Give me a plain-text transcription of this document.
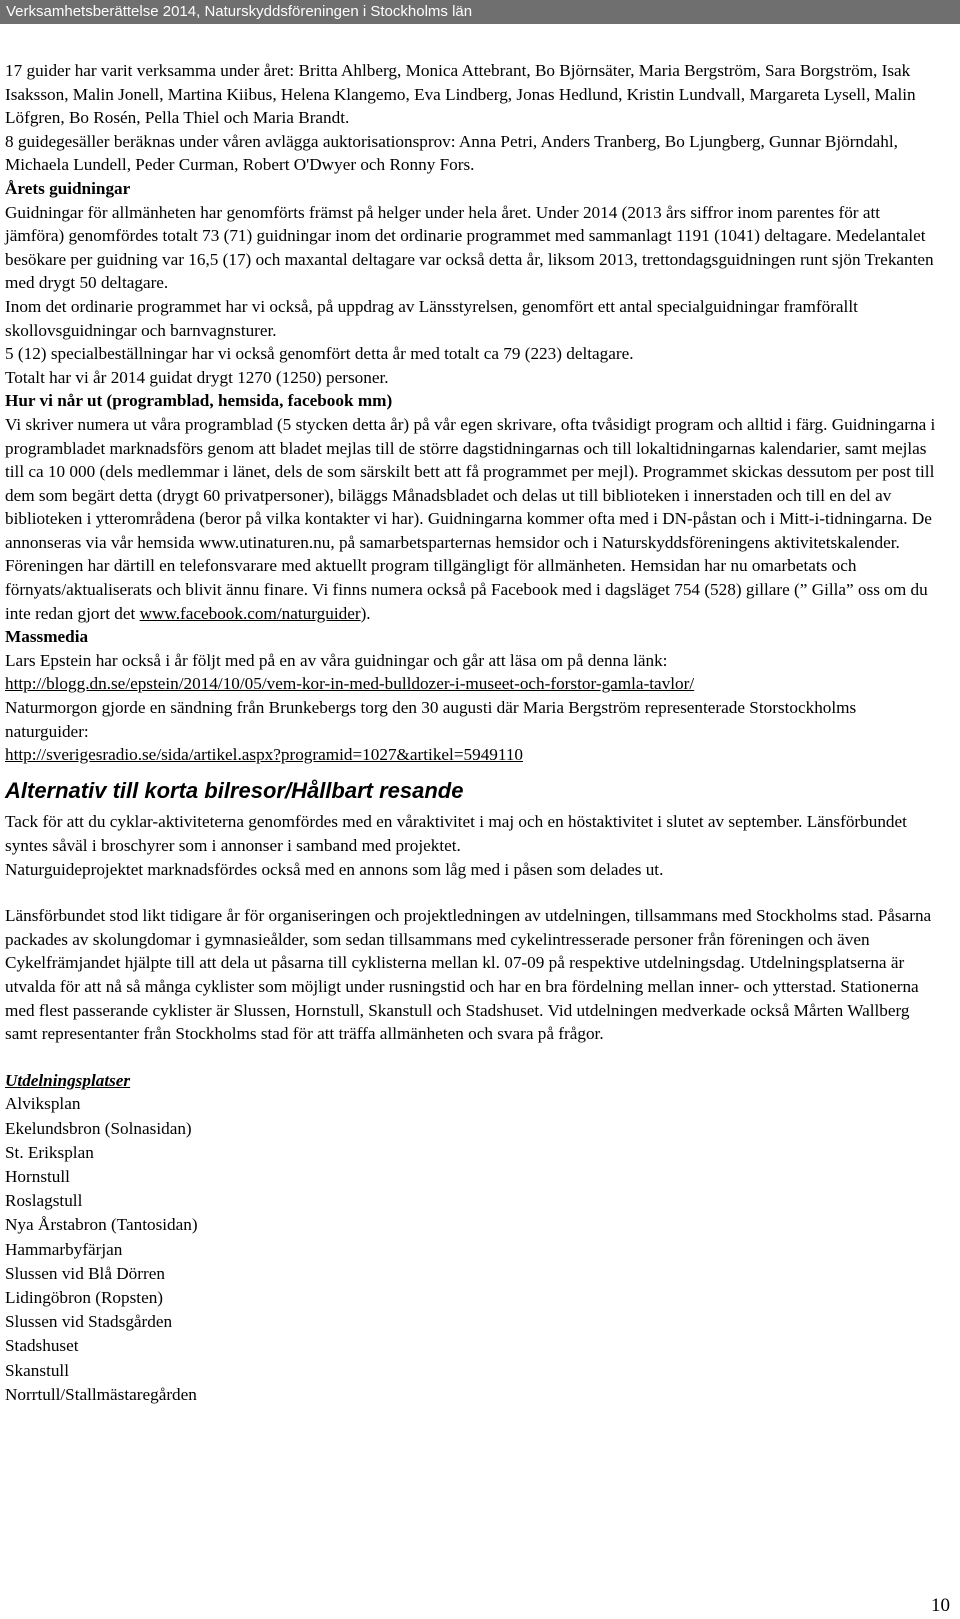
Verksamhetsberättelse 2014, Naturskyddsföreningen i Stockholms län

17 guider har varit verksamma under året: Britta Ahlberg, Monica Attebrant, Bo Björnsäter, Maria Bergström, Sara Borgström, Isak Isaksson, Malin Jonell, Martina Kiibus, Helena Klangemo, Eva Lindberg, Jonas Hedlund, Kristin Lundvall, Margareta Lysell, Malin Löfgren, Bo Rosén, Pella Thiel och Maria Brandt.

8 guidegesäller beräknas under våren avlägga auktorisationsprov: Anna Petri, Anders Tranberg, Bo Ljungberg, Gunnar Björndahl, Michaela Lundell, Peder Curman, Robert O'Dwyer och Ronny Fors.

Årets guidningar

Guidningar för allmänheten har genomförts främst på helger under hela året. Under 2014 (2013 års siffror inom parentes för att jämföra) genomfördes totalt 73 (71) guidningar inom det ordinarie programmet med sammanlagt 1191 (1041) deltagare. Medelantalet besökare per guidning var 16,5 (17) och maxantal deltagare var också detta år, liksom 2013, trettondagsguidningen runt sjön Trekanten med drygt 50 deltagare.

Inom det ordinarie programmet har vi också, på uppdrag av Länsstyrelsen, genomfört ett antal specialguidningar framförallt skollovsguidningar och barnvagnsturer.

5 (12) specialbeställningar har vi också genomfört detta år med totalt ca 79 (223) deltagare.

Totalt har vi år 2014 guidat drygt 1270 (1250) personer.

Hur vi når ut (programblad, hemsida, facebook mm)

Vi skriver numera ut våra programblad (5 stycken detta år) på vår egen skrivare, ofta tvåsidigt program och alltid i färg. Guidningarna i programbladet marknadsförs genom att bladet mejlas till de större dagstidningarnas och till lokaltidningarnas kalendarier, samt mejlas till ca 10 000 (dels medlemmar i länet, dels de som särskilt bett att få programmet per mejl). Programmet skickas dessutom per post till dem som begärt detta (drygt 60 privatpersoner), biläggs Månadsbladet och delas ut till biblioteken i innerstaden och till en del av biblioteken i ytterområdena (beror på vilka kontakter vi har). Guidningarna kommer ofta med i DN-påstan och i Mitt-i-tidningarna. De annonseras via vår hemsida www.utinaturen.nu, på samarbetsparternas hemsidor och i Naturskyddsföreningens aktivitetskalender. Föreningen har därtill en telefonsvarare med aktuellt program tillgängligt för allmänheten. Hemsidan har nu omarbetats och förnyats/aktualiserats och blivit ännu finare. Vi finns numera också på Facebook med i dagsläget 754 (528) gillare (” Gilla” oss om du inte redan gjort det www.facebook.com/naturguider).

Massmedia

Lars Epstein har också i år följt med på en av våra guidningar och går att läsa om på denna länk:

http://blogg.dn.se/epstein/2014/10/05/vem-kor-in-med-bulldozer-i-museet-och-forstor-gamla-tavlor/

Naturmorgon gjorde en sändning från Brunkebergs torg den 30 augusti där Maria Bergström representerade Storstockholms naturguider:

http://sverigesradio.se/sida/artikel.aspx?programid=1027&artikel=5949110

Alternativ till korta bilresor/Hållbart resande

Tack för att du cyklar-aktiviteterna genomfördes med en våraktivitet i maj och en höstaktivitet i slutet av september. Länsförbundet syntes såväl i broschyrer som i annonser i samband med projektet.

Naturguideprojektet marknadsfördes också med en annons som låg med i påsen som delades ut.

Länsförbundet stod likt tidigare år för organiseringen och projektledningen av utdelningen, tillsammans med Stockholms stad. Påsarna packades av skolungdomar i gymnasieålder, som sedan tillsammans med cykelintresserade personer från föreningen och även Cykelfrämjandet hjälpte till att dela ut påsarna till cyklisterna mellan kl. 07-09 på respektive utdelningsdag. Utdelningsplatserna är utvalda för att nå så många cyklister som möjligt under rusningstid och har en bra fördelning mellan inner- och ytterstad. Stationerna med flest passerande cyklister är Slussen, Hornstull, Skanstull och Stadshuset. Vid utdelningen medverkade också Mårten Wallberg samt representanter från Stockholms stad för att träffa allmänheten och svara på frågor.

Utdelningsplatser

Alviksplan

Ekelundsbron (Solnasidan)

St. Eriksplan

Hornstull

Roslagstull

Nya Årstabron (Tantosidan)

Hammarbyfärjan

Slussen vid Blå Dörren

Lidingöbron (Ropsten)

Slussen vid Stadsgården

Stadshuset

Skanstull

Norrtull/Stallmästaregården

10
